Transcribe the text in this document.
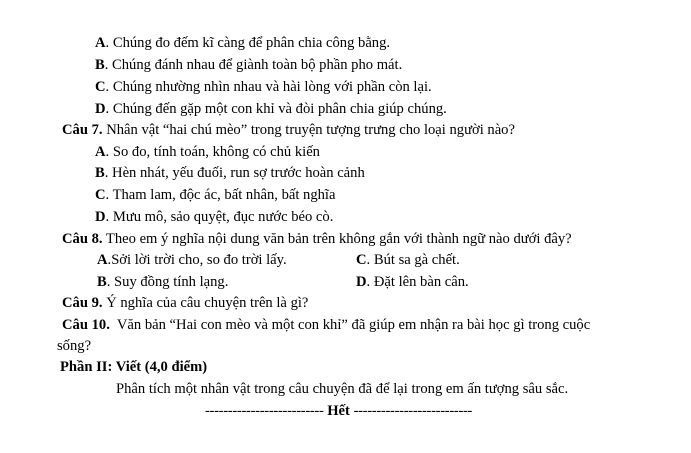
A. Chúng đo đếm kĩ càng để phân chia công bằng.
B. Chúng đánh nhau để giành toàn bộ phần pho mát.
C. Chúng nhường nhìn nhau và hài lòng với phần còn lại.
D. Chúng đến gặp một con khỉ và đòi phân chia giúp chúng.
Câu 7. Nhân vật “hai chú mèo” trong truyện tượng trưng cho loại người nào?
A. So đo, tính toán, không có chủ kiến
B. Hèn nhát, yếu đuối, run sợ trước hoàn cảnh
C. Tham lam, độc ác, bất nhân, bất nghĩa
D. Mưu mô, sảo quyệt, đục nước béo cò.
Câu 8. Theo em ý nghĩa nội dung văn bản trên không gắn với thành ngữ nào dưới đây?
A.Sởi lời trời cho, so đo trời lấy.	C. Bút sa gà chết.
B. Suy đồng tính lạng.	D. Đặt lên bàn cân.
Câu 9. Ý nghĩa của câu chuyện trên là gì?
Câu 10.  Văn bản “Hai con mèo và một con khỉ” đã giúp em nhận ra bài học gì trong cuộc
sống?
Phần II: Viết (4,0 điểm)
Phân tích một nhân vật trong câu chuyện đã để lại trong em ấn tượng sâu sắc.
-------------------------- Hết --------------------------
